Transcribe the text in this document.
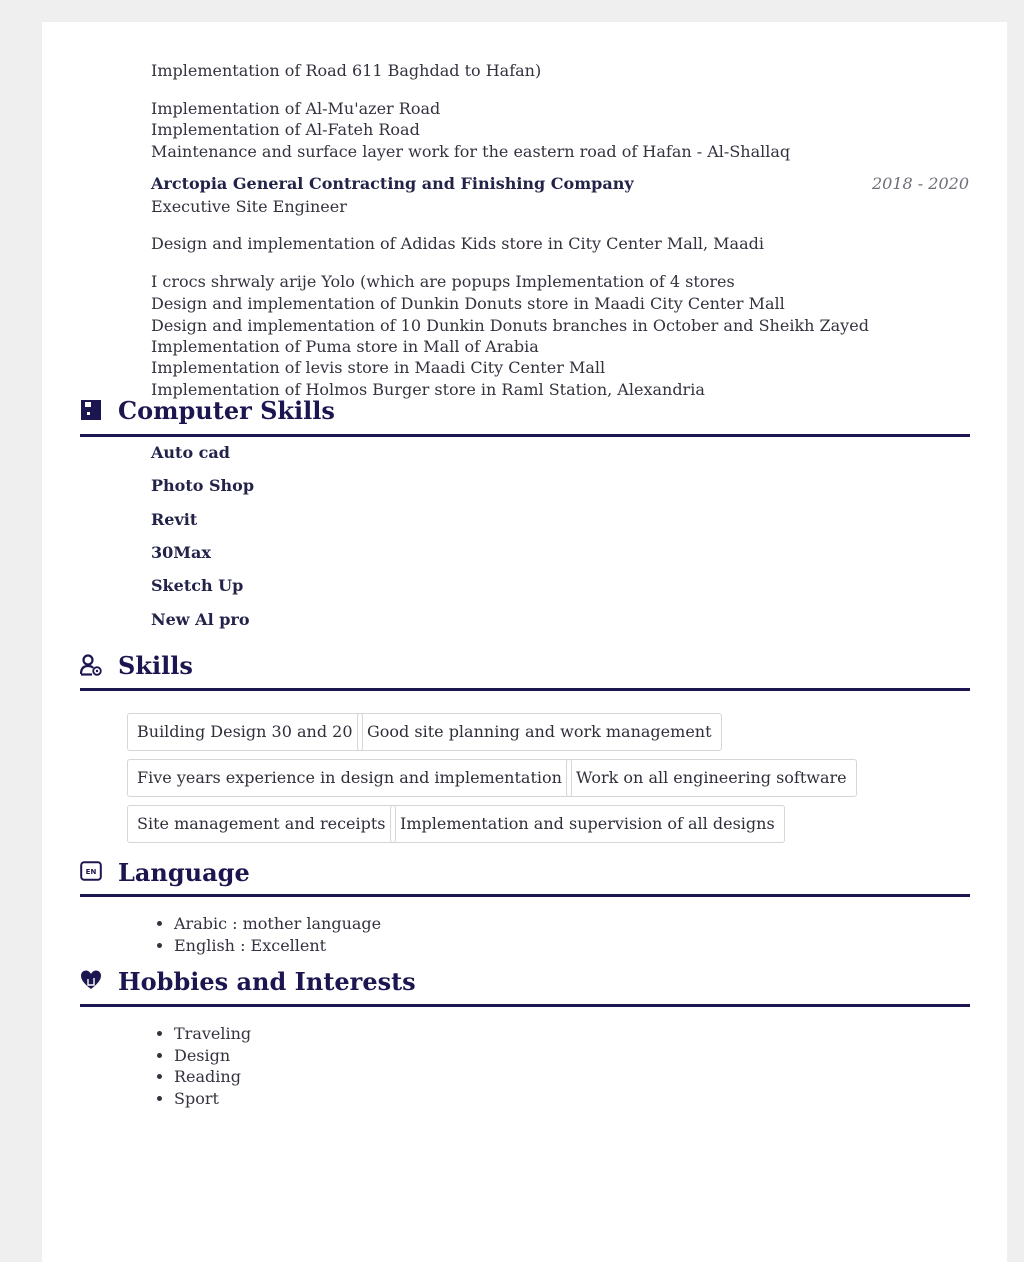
Implementation of Road 611 Baghdad to Hafan)
Implementation of Al-Mu'azer Road
Implementation of Al-Fateh Road
Maintenance and surface layer work for the eastern road of Hafan - Al-Shallaq
Arctopia General Contracting and Finishing Company	2018 - 2020
Executive Site Engineer
Design and implementation of Adidas Kids store in City Center Mall, Maadi
I crocs shrwaly arije Yolo (which are popups Implementation of 4 stores
Design and implementation of Dunkin Donuts store in Maadi City Center Mall
Design and implementation of 10 Dunkin Donuts branches in October and Sheikh Zayed
Implementation of Puma store in Mall of Arabia
Implementation of levis store in Maadi City Center Mall
Implementation of Holmos Burger store in Raml Station, Alexandria
Computer Skills
Auto cad
Photo Shop
Revit
30Max
Sketch Up
New Al pro
Skills
Building Design 30 and 20 Good site planning and work management
Five years experience in design and implementation Work on all engineering software
Site management and receipts Implementation and supervision of all designs
EN Language
• Arabic : mother language
• English : Excellent
Hobbies and Interests
• Traveling
• Design
• Reading
• Sport
